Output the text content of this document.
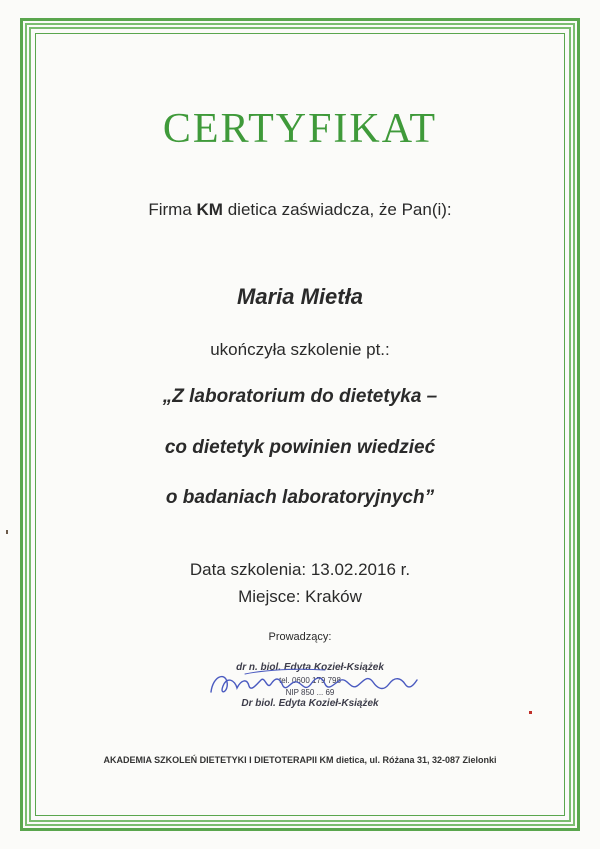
CERTYFIKAT
Firma KM dietica zaświadcza, że Pan(i):
Maria Mietła
ukończyła szkolenie pt.:
„Z laboratorium do dietetyka –
co dietetyk powinien wiedzieć
o badaniach laboratoryjnych”
Data szkolenia: 13.02.2016 r.
Miejsce: Kraków
Prowadzący:
dr n. biol. Edyta Kozieł-Książek
tel. 0600 179 798
NIP 850 ... 69
Dr biol. Edyta Kozieł-Książek
AKADEMIA SZKOLEŃ DIETETYKI I DIETOTERAPII KM dietica, ul. Różana 31, 32-087 Zielonki
